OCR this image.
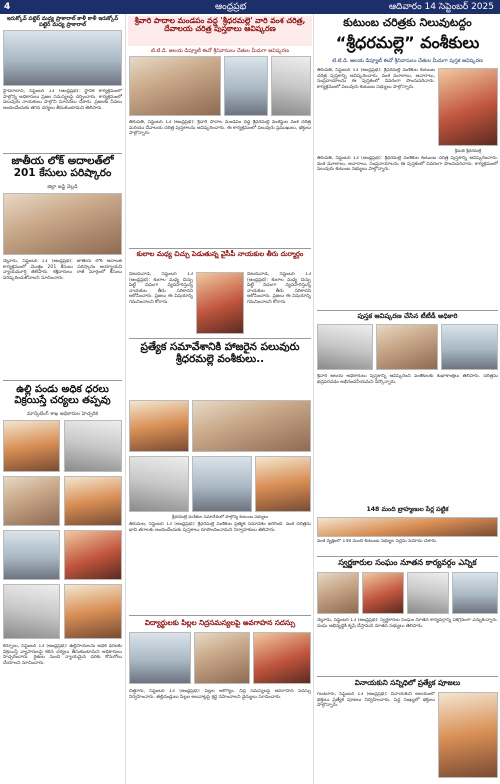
4	ఆంధ్రప్రభ	ఆదివారం 14 సెప్టెంబర్ 2025
ఇరుక్కోవ్ పట్టెర్ మధ్య ప్రాకారాల్ కాళీ కాళీ ఇరుక్కోవ్ పట్టెర్ మధ్య ప్రాకారాల్
హైదరాబాద్, సెప్టెంబర్ 13 (ఆంధ్రప్రభ): స్థానిక కార్యక్రమంలో పాల్గొన్న అధికారులు ప్రజల సమస్యలపై చర్చించారు. కార్యక్రమంలో పలువురు నాయకులు పాల్గొని సూచనలు చేశారు. ప్రజలకు సేవలు అందించేందుకు తగిన చర్యలు తీసుకుంటామని తెలిపారు.
జాతీయ లోక్ అదాలత్‌లో 201 కేసులు పరిష్కారం
జిల్లా జడ్జి వెల్లడి
నెల్లూరు, సెప్టెంబర్ 13 (ఆంధ్రప్రభ): జాతీయ లోక్ అదాలత్ కార్యక్రమంలో మొత్తం 201 కేసులు పరిష్కారం అయ్యాయని న్యాయమూర్తి తెలిపారు. కక్షిదారులు రాజీ మార్గంలో కేసులు పరిష్కరించుకోవాలని సూచించారు.
ఉల్లి పండు అధిక ధరలు విక్రయిస్తే చర్యలు తప్పవు
మార్కెటింగ్ శాఖ అధికారుల హెచ్చరిక
కర్నూలు, సెప్టెంబర్ 13 (ఆంధ్రప్రభ): ఉల్లిపాయలను అధిక ధరలకు విక్రయిస్తే వ్యాపారులపై కఠిన చర్యలు తీసుకుంటామని అధికారులు హెచ్చరించారు. రైతుల నుంచి న్యాయమైన ధరకు కొనుగోలు చేయాలని సూచించారు.
శ్రీవారి పాదాల మండపం వద్ద 'శ్రీధరమల్లె' వారి వంశ చరిత్ర, దేవాలయ చరిత్ర పుస్తకాలు ఆవిష్కరణ
టి.టి.డి. ఆలయ డిప్యూటీ ఈవో శ్రీనివాసులు చేతుల మీదుగా ఆవిష్కరణ
తిరుపతి, సెప్టెంబర్ 13 (ఆంధ్రప్రభ): శ్రీవారి పాదాల మండపం వద్ద శ్రీధరమల్లె వంశస్థుల వంశ చరిత్ర మరియు దేవాలయ చరిత్ర పుస్తకాలను ఆవిష్కరించారు. ఈ కార్యక్రమంలో పలువురు ప్రముఖులు, భక్తులు పాల్గొన్నారు.
కులాల మధ్య చిచ్చు పెడుతున్న వైసీపీ నాయకుల తీరు దుర్మార్గం
విజయవాడ, సెప్టెంబర్ 13 (ఆంధ్రప్రభ): కులాల మధ్య చిచ్చు పెట్టే విధంగా వ్యవహరిస్తున్న నాయకుల తీరు సరికాదని ఆరోపించారు. ప్రజలు ఈ విషయాన్ని గమనించాలని కోరారు.
విజయవాడ, సెప్టెంబర్ 13 (ఆంధ్రప్రభ): కులాల మధ్య చిచ్చు పెట్టే విధంగా వ్యవహరిస్తున్న నాయకుల తీరు సరికాదని ఆరోపించారు. ప్రజలు ఈ విషయాన్ని గమనించాలని కోరారు.
ప్రత్యేక సమావేశానికి హాజరైన పలువురు శ్రీధరమల్లె వంశీకులు..
శ్రీధరమల్లె వంశీకుల సమావేశంలో పాల్గొన్న కుటుంబ సభ్యులు
తిరుమల, సెప్టెంబర్ 13 (ఆంధ్రప్రభ): శ్రీధరమల్లె వంశీకుల ప్రత్యేక సమావేశం జరిగింది. వంశ చరిత్రను భావి తరాలకు అందించేందుకు పుస్తకాలు రూపొందించామని నిర్వాహకులు తెలిపారు.
విద్యార్థులకు పిల్లల నిద్రసమస్యలపై అవగాహన సదస్సు
చిత్తూరు, సెప్టెంబర్ 13 (ఆంధ్రప్రభ): పిల్లల ఆరోగ్యం, నిద్ర సమస్యలపై అవగాహన సదస్సు నిర్వహించారు. తల్లిదండ్రులు పిల్లల అలవాట్లపై శ్రద్ధ వహించాలని వైద్యులు సూచించారు.
కుటుంబ చరిత్రకు నిలువుటద్దం
“శ్రీధరమల్లె” వంశీకులు
టి.టి.డి. ఆలయ డిప్యూటీ ఈవో శ్రీనివాసులు చేతుల మీదుగా పుస్తక ఆవిష్కరణ
తిరుపతి, సెప్టెంబర్ 13 (ఆంధ్రప్రభ): శ్రీధరమల్లె వంశీకుల కుటుంబ చరిత్ర పుస్తకాన్ని ఆవిష్కరించారు. వంశ మూలాలు, ఆచారాలు, సంప్రదాయాలను ఈ పుస్తకంలో వివరంగా పొందుపరిచారు. కార్యక్రమంలో పలువురు కుటుంబ సభ్యులు పాల్గొన్నారు.
శ్రీమతి శ్రీధరమల్లె
తిరుపతి, సెప్టెంబర్ 13 (ఆంధ్రప్రభ): శ్రీధరమల్లె వంశీకుల కుటుంబ చరిత్ర పుస్తకాన్ని ఆవిష్కరించారు. వంశ మూలాలు, ఆచారాలు, సంప్రదాయాలను ఈ పుస్తకంలో వివరంగా పొందుపరిచారు. కార్యక్రమంలో పలువురు కుటుంబ సభ్యులు పాల్గొన్నారు.
పుస్తక ఆవిష్కరణ చేసిన టీటీడీ అధికారి
శ్రీవారి ఆలయ అధికారులు పుస్తకాన్ని ఆవిష్కరించి వంశీకులకు శుభాకాంక్షలు తెలిపారు. చరిత్రను భద్రపరచడం అభినందనీయమని పేర్కొన్నారు.
148 మంది బ్రాహ్మణుల పేర్ల పట్టిక
వంశ వృక్షంలో 148 మంది కుటుంబ సభ్యుల పేర్లను నమోదు చేశారు.
స్వర్ణకారుల సంఘం నూతన కార్యవర్గం ఎన్నిక
నెల్లూరు, సెప్టెంబర్ 13 (ఆంధ్రప్రభ): స్వర్ణకారుల సంఘం నూతన కార్యవర్గాన్ని ఏకగ్రీవంగా ఎన్నుకున్నారు. సంఘ అభివృద్ధికి కృషి చేస్తామని నూతన సభ్యులు తెలిపారు.
వినాయకుని సన్నిధిలో ప్రత్యేక పూజలు
గుంటూరు, సెప్టెంబర్ 13 (ఆంధ్రప్రభ): వినాయకుని ఆలయంలో భక్తులు ప్రత్యేక పూజలు నిర్వహించారు. పెద్ద సంఖ్యలో భక్తులు పాల్గొన్నారు.
